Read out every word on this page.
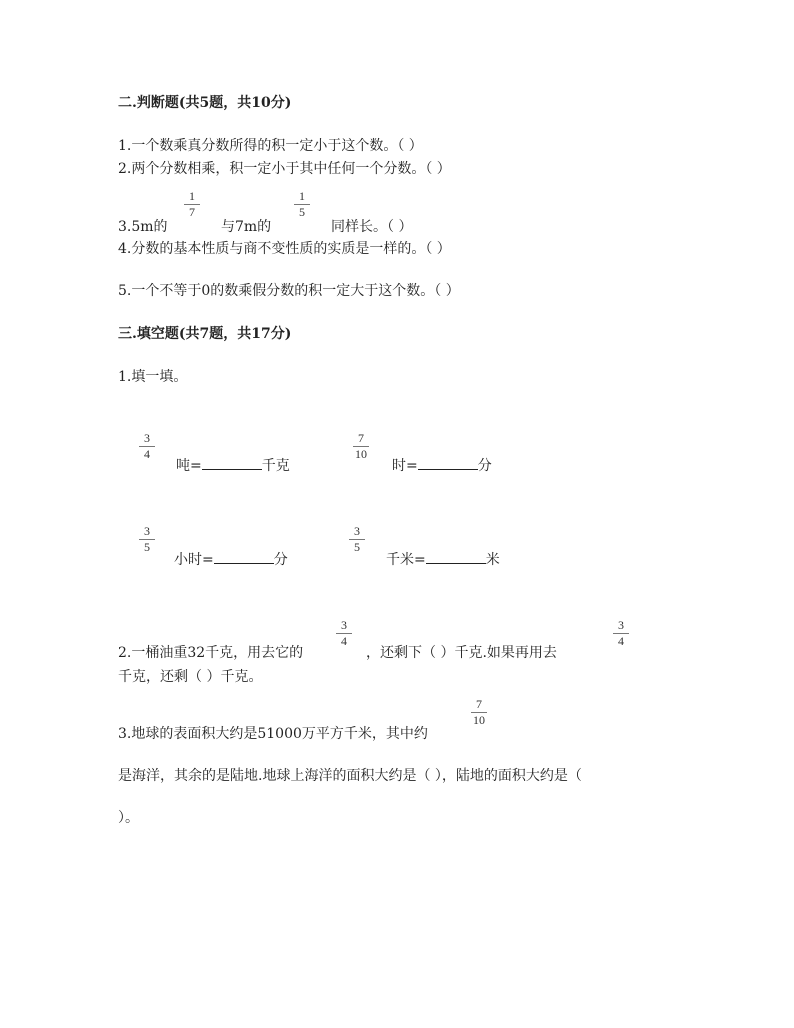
二.判断题(共5题，共10分)
1.一个数乘真分数所得的积一定小于这个数。（ ）
2.两个分数相乘，积一定小于其中任何一个分数。（ ）
3.5m的
1
7
与7m的
1
5
同样长。（ ）
4.分数的基本性质与商不变性质的实质是一样的。（ ）
5.一个不等于0的数乘假分数的积一定大于这个数。（ ）
三.填空题(共7题，共17分)
1.填一填。
3
4
吨=	千克
7
10
时=	分
3
5
小时=	分
3
5
千米=	米
2.一桶油重32千克，用去它的
3
4
，还剩下（ ）千克.如果再用去
3
4
千克，还剩（ ）千克。
3.地球的表面积大约是51000万平方千米，其中约
7
10
是海洋，其余的是陆地.地球上海洋的面积大约是（ ），陆地的面积大约是（
）。
